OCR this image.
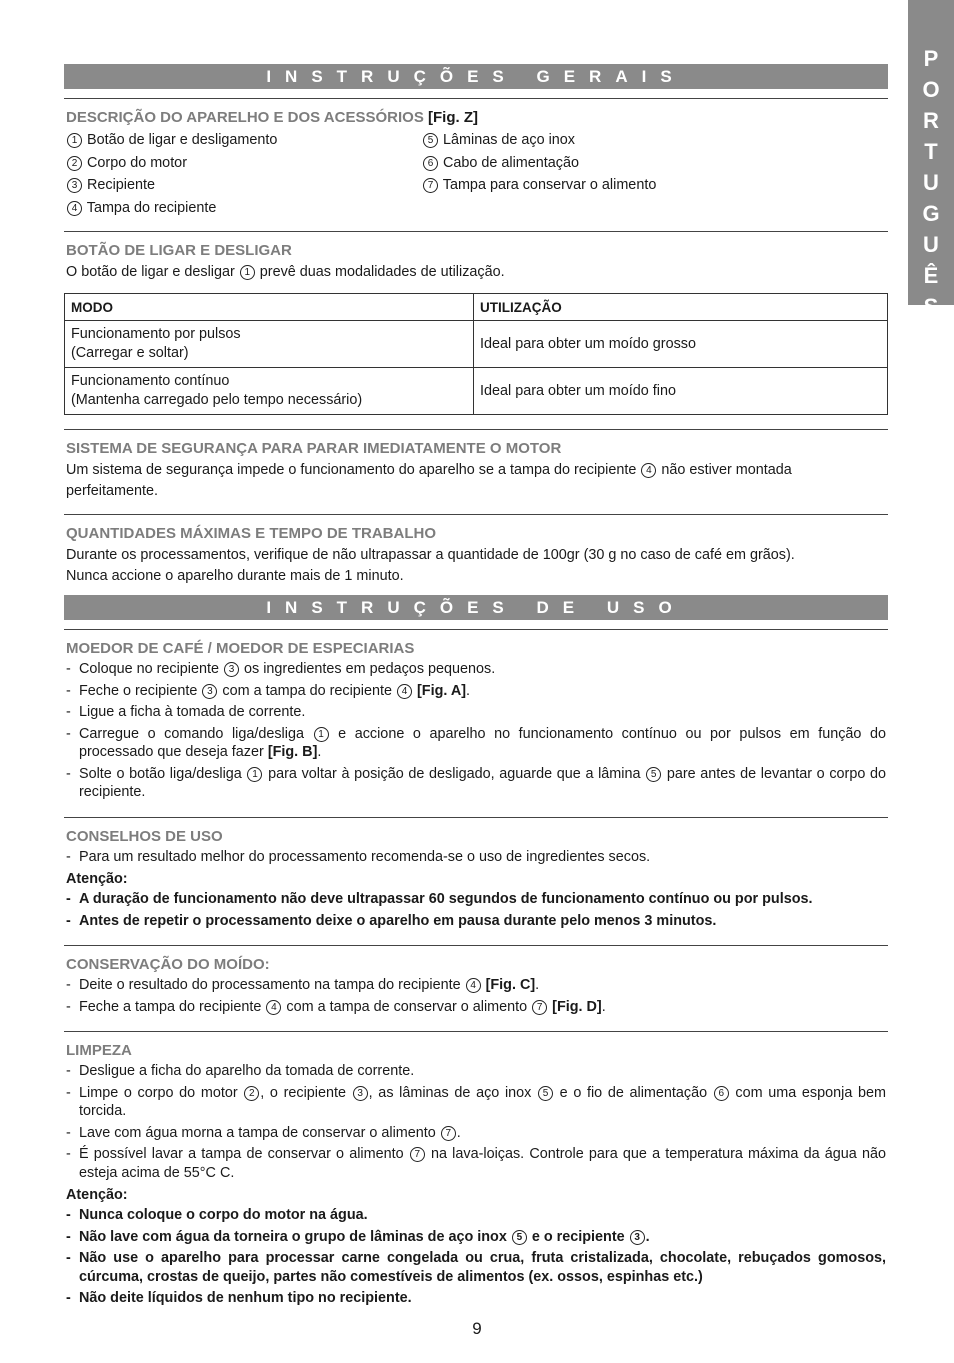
P
O
R
T
U
G
U
Ê
S
INSTRUÇÕES GERAIS

DESCRIÇÃO DO APARELHO E DOS ACESSÓRIOS [Fig. Z]

1 Botão de ligar e desligamento
2 Corpo do motor
3 Recipiente
4 Tampa do recipiente
5 Lâminas de aço inox
6 Cabo de alimentação
7 Tampa para conservar o alimento

BOTÃO DE LIGAR E DESLIGAR

O botão de ligar e desligar 1 prevê duas modalidades de utilização.

MODO	UTILIZAÇÃO
Funcionamento por pulsos
(Carregar e soltar)	Ideal para obter um moído grosso
Funcionamento contínuo
(Mantenha carregado pelo tempo necessário)	Ideal para obter um moído fino

SISTEMA DE SEGURANÇA PARA PARAR IMEDIATAMENTE O MOTOR

Um sistema de segurança impede o funcionamento do aparelho se a tampa do recipiente 4 não estiver montada perfeitamente.

QUANTIDADES MÁXIMAS E TEMPO DE TRABALHO

Durante os processamentos, verifique de não ultrapassar a quantidade de 100gr (30 g no caso de café em grãos).

Nunca accione o aparelho durante mais de 1 minuto.

INSTRUÇÕES DE USO

MOEDOR DE CAFÉ / MOEDOR DE ESPECIARIAS

- Coloque no recipiente 3 os ingredientes em pedaços pequenos.
- Feche o recipiente 3 com a tampa do recipiente 4 [Fig. A].
- Ligue a ficha à tomada de corrente.
- Carregue o comando liga/desliga 1 e accione o aparelho no funcionamento contínuo ou por pulsos em função do processado que deseja fazer [Fig. B].
- Solte o botão liga/desliga 1 para voltar à posição de desligado, aguarde que a lâmina 5 pare antes de levantar o corpo do recipiente.

CONSELHOS DE USO

- Para um resultado melhor do processamento recomenda-se o uso de ingredientes secos.

Atenção:

- A duração de funcionamento não deve ultrapassar 60 segundos de funcionamento contínuo ou por pulsos.
- Antes de repetir o processamento deixe o aparelho em pausa durante pelo menos 3 minutos.

CONSERVAÇÃO DO MOÍDO:

- Deite o resultado do processamento na tampa do recipiente 4 [Fig. C].
- Feche a tampa do recipiente 4 com a tampa de conservar o alimento 7 [Fig. D].

LIMPEZA

- Desligue a ficha do aparelho da tomada de corrente.
- Limpe o corpo do motor 2 , o recipiente 3 , as lâminas de aço inox 5 e o fio de alimentação 6 com uma esponja bem torcida.
- Lave com água morna a tampa de conservar o alimento 7 .
- É possível lavar a tampa de conservar o alimento 7 na lava-loiças. Controle para que a temperatura máxima da água não esteja acima de 55°C C.

Atenção:

- Nunca coloque o corpo do motor na água.
- Não lave com água da torneira o grupo de lâminas de aço inox 5 e o recipiente 3 .
- Não use o aparelho para processar carne congelada ou crua, fruta cristalizada, chocolate, rebuçados gomosos, cúrcuma, crostas de queijo, partes não comestíveis de alimentos (ex. ossos, espinhas etc.)
- Não deite líquidos de nenhum tipo no recipiente.
9
